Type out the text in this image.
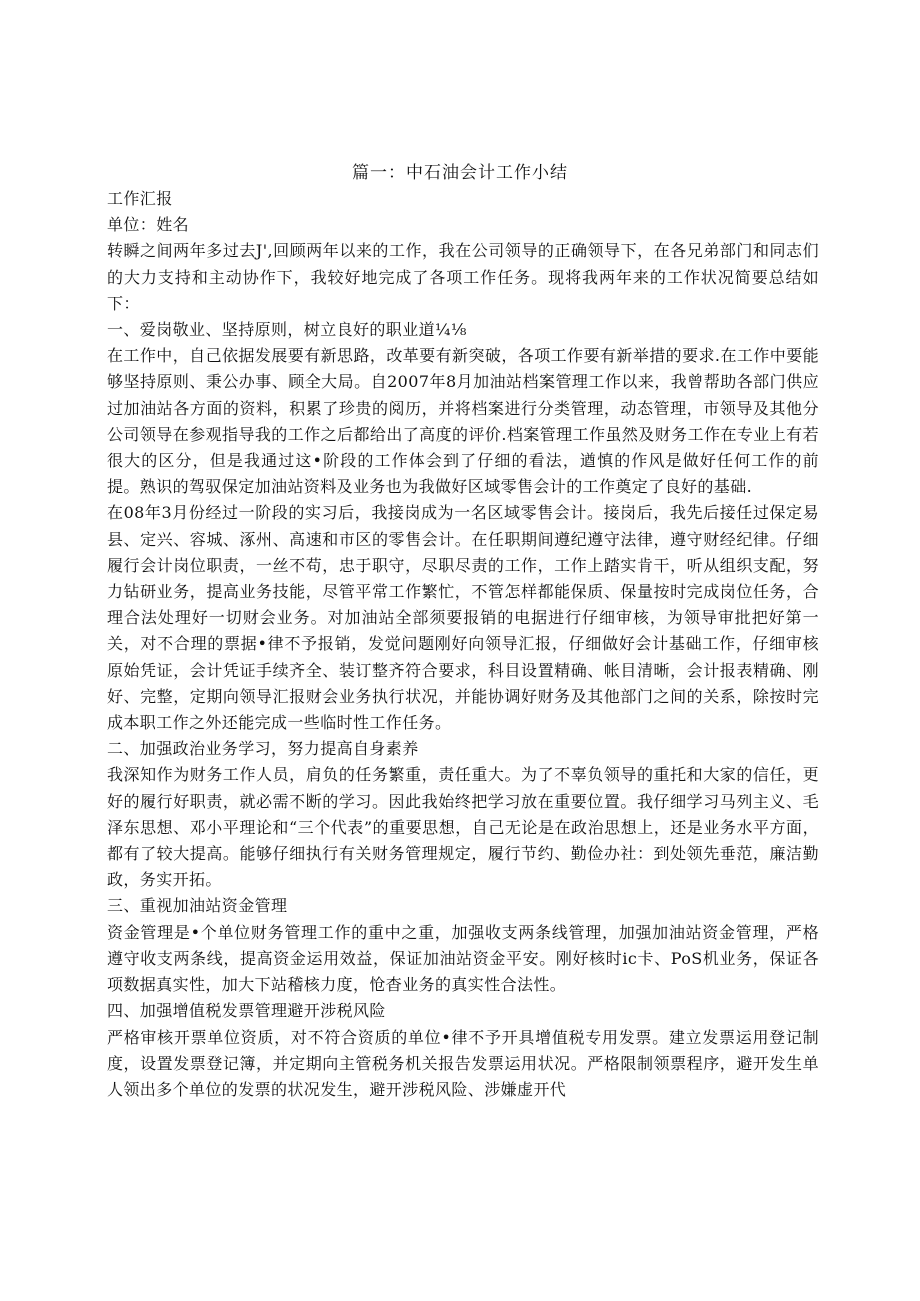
篇一：中石油会计工作小结

工作汇报

单位：姓名

转瞬之间两年多过去J',回顾两年以来的工作，我在公司领导的正确领导下，在各兄弟部门和同志们的大力支持和主动协作下，我较好地完成了各项工作任务。现将我两年来的工作状况简要总结如下：

一、爱岗敬业、坚持原则，树立良好的职业道¼⅛

在工作中，自己依据发展要有新思路，改革要有新突破，各项工作要有新举措的要求.在工作中要能够坚持原则、秉公办事、顾全大局。自2007年8月加油站档案管理工作以来，我曾帮助各部门供应过加油站各方面的资料，积累了珍贵的阅历，并将档案进行分类管理，动态管理，市领导及其他分公司领导在参观指导我的工作之后都给出了高度的评价.档案管理工作虽然及财务工作在专业上有若很大的区分，但是我通过这•阶段的工作体会到了仔细的看法，遒慎的作风是做好任何工作的前提。熟识的驾驭保定加油站资料及业务也为我做好区域零售会计的工作奠定了良好的基础.

在08年3月份经过一阶段的实习后，我接岗成为一名区域零售会计。接岗后，我先后接任过保定易县、定兴、容城、涿州、高速和市区的零售会计。在任职期间遵纪遵守法律，遵守财经纪律。仔细履行会计岗位职责，一丝不苟，忠于职守，尽职尽责的工作，工作上踏实肯干，听从组织支配，努力钻研业务，提高业务技能，尽管平常工作繁忙，不管怎样都能保质、保量按时完成岗位任务，合理合法处理好一切财会业务。对加油站全部须要报销的电据进行仔细审核，为领导审批把好第一关，对不合理的票据•律不予报销，发觉问题刚好向领导汇报，仔细做好会计基础工作，仔细审核原始凭证，会计凭证手续齐全、装订整齐符合要求，科目设置精确、帐目清晰，会计报表精确、刚好、完整，定期向领导汇报财会业务执行状况，并能协调好财务及其他部门之间的关系，除按时完成本职工作之外还能完成一些临时性工作任务。

二、加强政治业务学习，努力提高自身素养

我深知作为财务工作人员，肩负的任务繁重，责任重大。为了不辜负领导的重托和大家的信任，更好的履行好职责，就必需不断的学习。因此我始终把学习放在重要位置。我仔细学习马列主义、毛泽东思想、邓小平理论和“三个代表”的重要思想，自己无论是在政治思想上，还是业务水平方面，都有了较大提高。能够仔细执行有关财务管理规定，履行节约、勤俭办社：到处领先垂范，廉洁勤政，务实开拓。

三、重视加油站资金管理

资金管理是•个单位财务管理工作的重中之重，加强收支两条线管理，加强加油站资金管理，严格遵守收支两条线，提高资金运用效益，保证加油站资金平安。刚好核时ic卡、PoS机业务，保证各项数据真实性，加大下站稽核力度，怆杳业务的真实性合法性。

四、加强增值税发票管理避开涉税风险

严格审核开票单位资质，对不符合资质的单位•律不予开具增值税专用发票。建立发票运用登记制度，设置发票登记簿，并定期向主管税务机关报告发票运用状况。严格限制领票程序，避开发生单人领出多个单位的发票的状况发生，避开涉税风险、涉嫌虚开代
